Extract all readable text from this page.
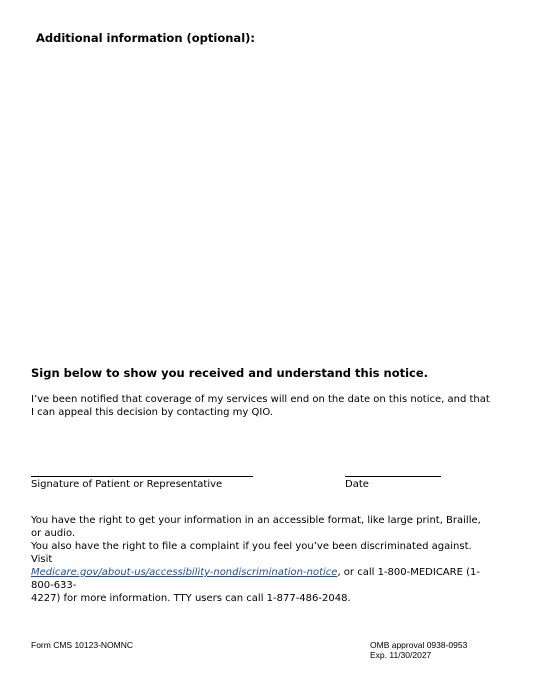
Additional information (optional):
Sign below to show you received and understand this notice.
I’ve been notified that coverage of my services will end on the date on this notice, and that
I can appeal this decision by contacting my QIO.
Signature of Patient or Representative	Date
You have the right to get your information in an accessible format, like large print, Braille, or audio.
You also have the right to file a complaint if you feel you’ve been discriminated against. Visit
Medicare.gov/about-us/accessibility-nondiscrimination-notice, or call 1-800-MEDICARE (1-800-633-
4227) for more information. TTY users can call 1-877-486-2048.
Form CMS 10123-NOMNC	OMB approval 0938-0953
Exp. 11/30/2027
